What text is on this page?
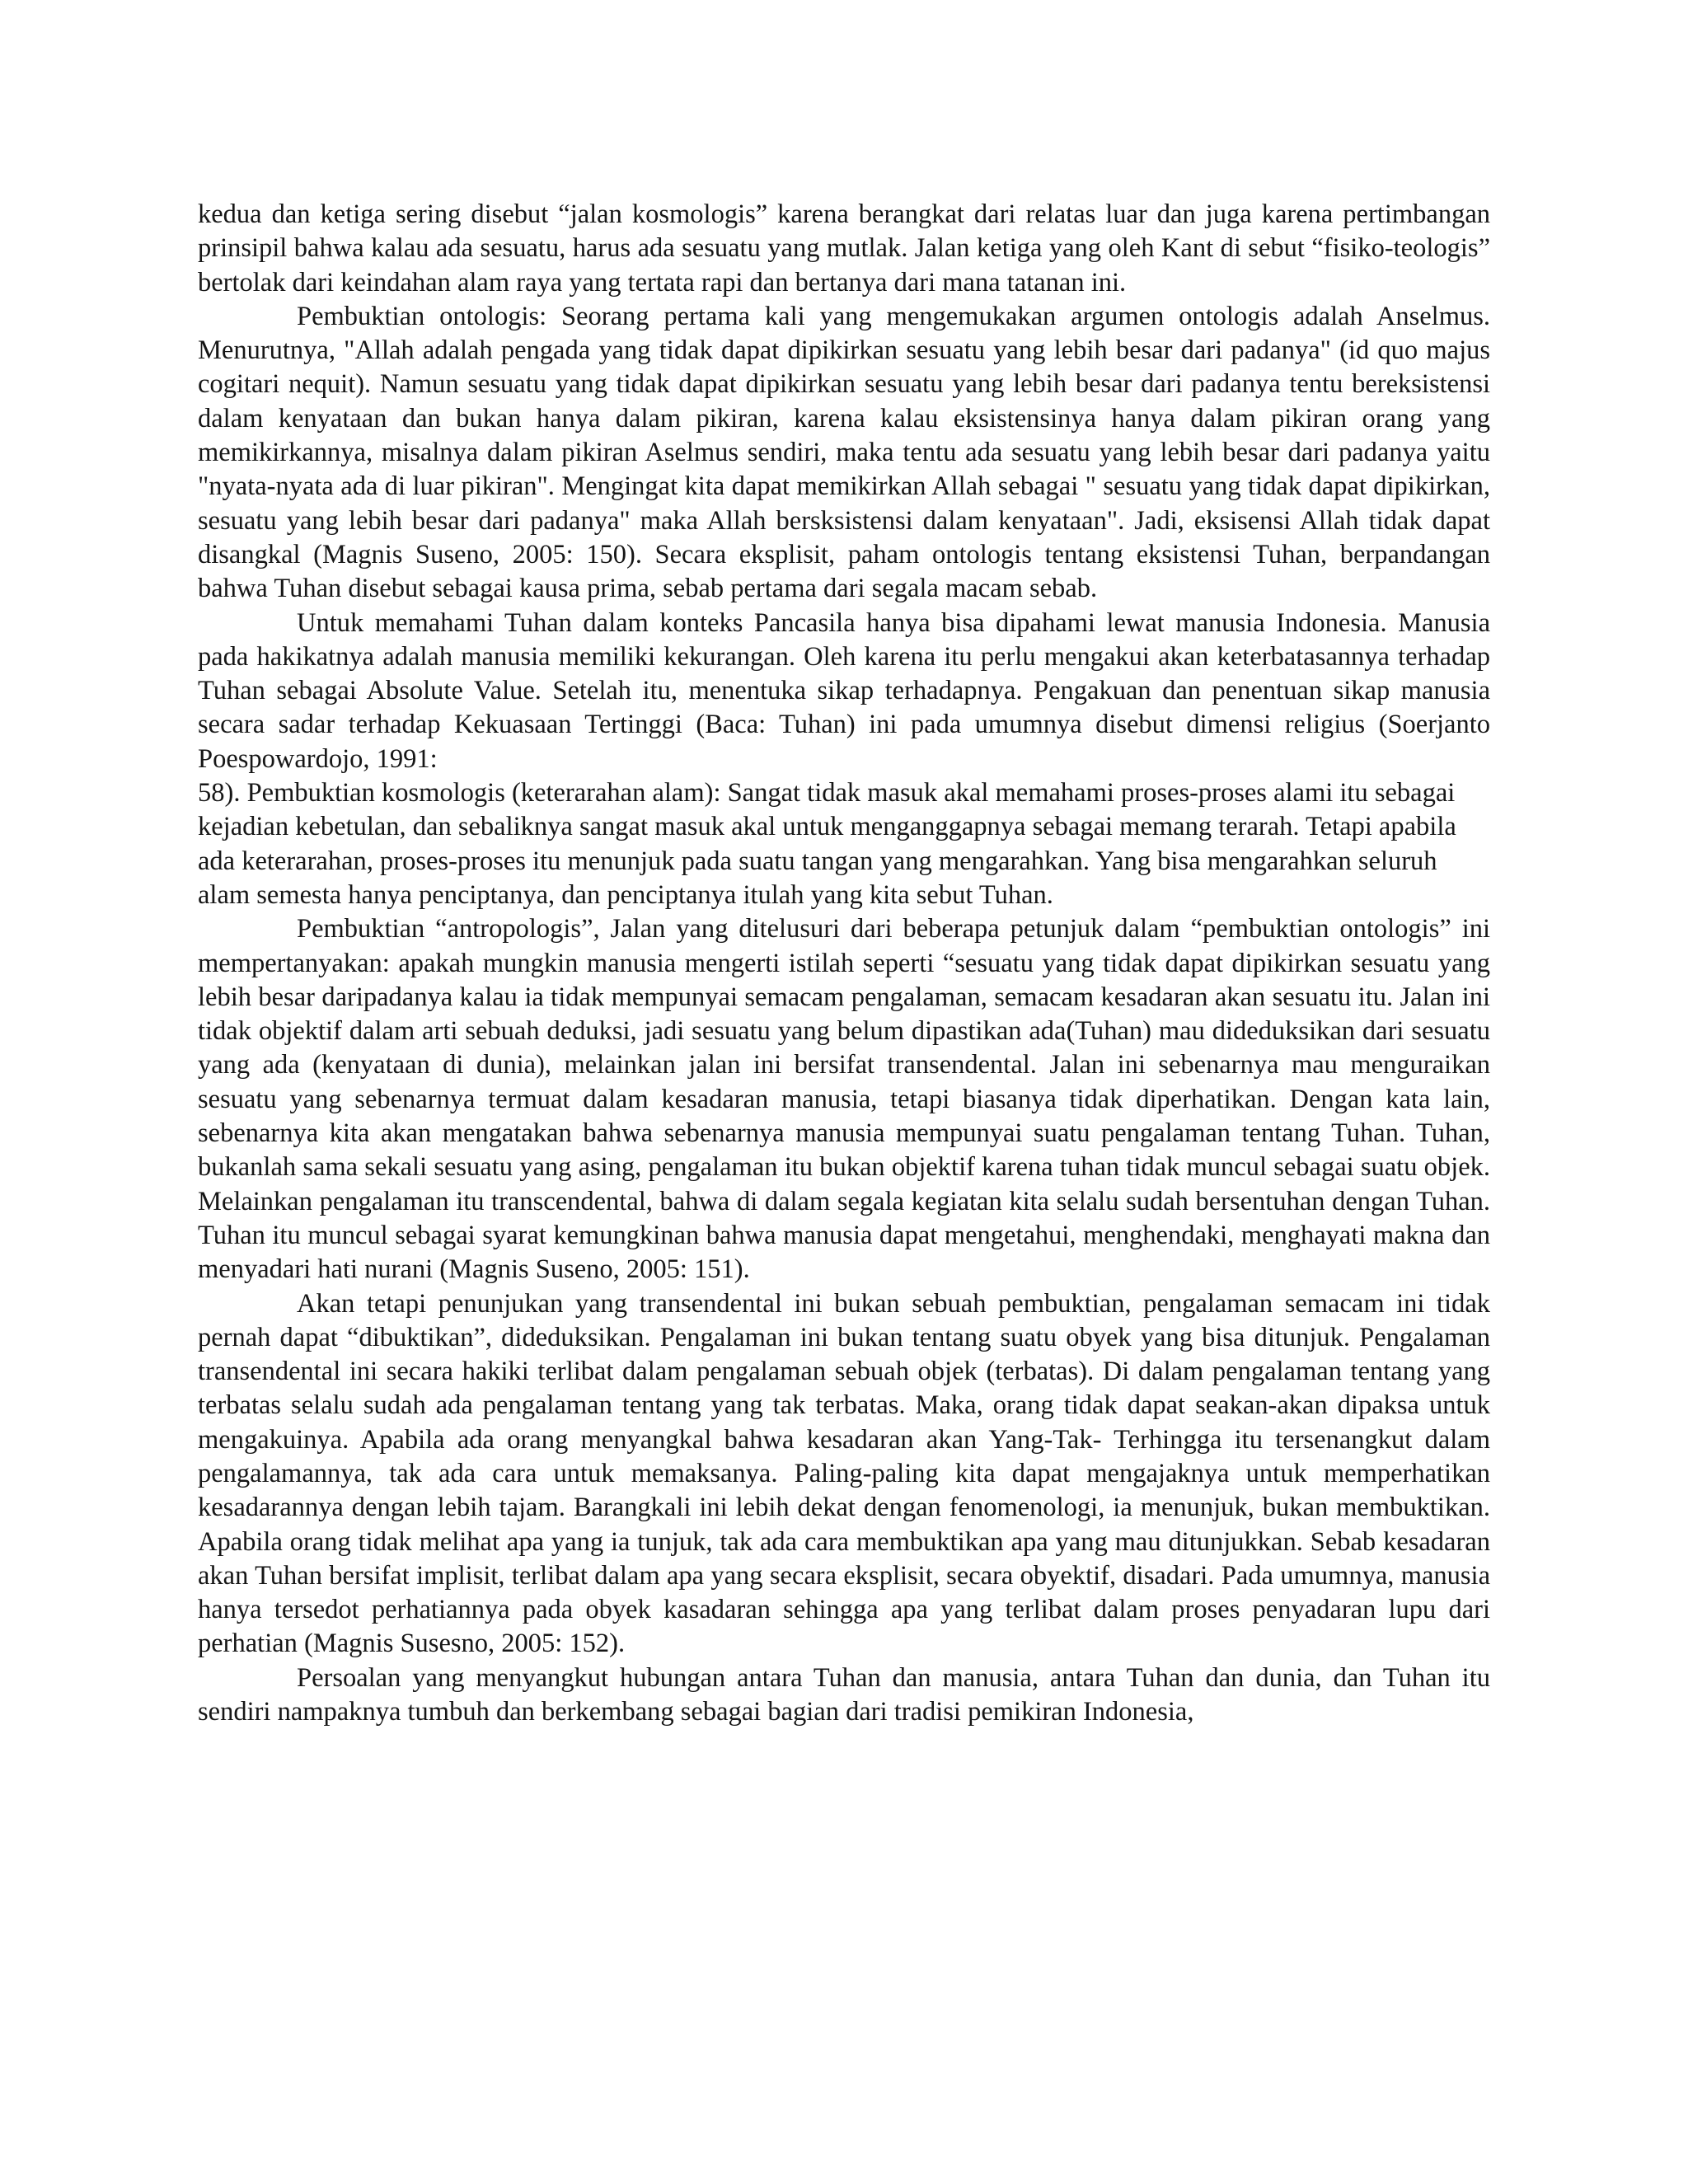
kedua dan ketiga sering disebut “jalan kosmologis” karena berangkat dari relatas luar dan juga karena pertimbangan prinsipil bahwa kalau ada sesuatu, harus ada sesuatu yang mutlak. Jalan ketiga yang oleh Kant di sebut “fisiko-teologis” bertolak dari keindahan alam raya yang tertata rapi dan bertanya dari mana tatanan ini.

Pembuktian ontologis: Seorang pertama kali yang mengemukakan argumen ontologis adalah Anselmus. Menurutnya, "Allah adalah pengada yang tidak dapat dipikirkan sesuatu yang lebih besar dari padanya" (id quo majus cogitari nequit). Namun sesuatu yang tidak dapat dipikirkan sesuatu yang lebih besar dari padanya tentu bereksistensi dalam kenyataan dan bukan hanya dalam pikiran, karena kalau eksistensinya hanya dalam pikiran orang yang memikirkannya, misalnya dalam pikiran Aselmus sendiri, maka tentu ada sesuatu yang lebih besar dari padanya yaitu "nyata-nyata ada di luar pikiran". Mengingat kita dapat memikirkan Allah sebagai " sesuatu yang tidak dapat dipikirkan, sesuatu yang lebih besar dari padanya" maka Allah bersksistensi dalam kenyataan". Jadi, eksisensi Allah tidak dapat disangkal (Magnis Suseno, 2005: 150). Secara eksplisit, paham ontologis tentang eksistensi Tuhan, berpandangan bahwa Tuhan disebut sebagai kausa prima, sebab pertama dari segala macam sebab.

Untuk memahami Tuhan dalam konteks Pancasila hanya bisa dipahami lewat manusia Indonesia. Manusia pada hakikatnya adalah manusia memiliki kekurangan. Oleh karena itu perlu mengakui akan keterbatasannya terhadap Tuhan sebagai Absolute Value. Setelah itu, menentuka sikap terhadapnya. Pengakuan dan penentuan sikap manusia secara sadar terhadap Kekuasaan Tertinggi (Baca: Tuhan) ini pada umumnya disebut dimensi religius (Soerjanto Poespowardojo, 1991:

58). Pembuktian kosmologis (keterarahan alam): Sangat tidak masuk akal memahami proses-proses alami itu sebagai kejadian kebetulan, dan sebaliknya sangat masuk akal untuk menganggapnya sebagai memang terarah. Tetapi apabila ada keterarahan, proses-proses itu menunjuk pada suatu tangan yang mengarahkan. Yang bisa mengarahkan seluruh alam semesta hanya penciptanya, dan penciptanya itulah yang kita sebut Tuhan.

Pembuktian “antropologis”, Jalan yang ditelusuri dari beberapa petunjuk dalam “pembuktian ontologis” ini mempertanyakan: apakah mungkin manusia mengerti istilah seperti “sesuatu yang tidak dapat dipikirkan sesuatu yang lebih besar daripadanya kalau ia tidak mempunyai semacam pengalaman, semacam kesadaran akan sesuatu itu. Jalan ini tidak objektif dalam arti sebuah deduksi, jadi sesuatu yang belum dipastikan ada(Tuhan) mau dideduksikan dari sesuatu yang ada (kenyataan di dunia), melainkan jalan ini bersifat transendental. Jalan ini sebenarnya mau menguraikan sesuatu yang sebenarnya termuat dalam kesadaran manusia, tetapi biasanya tidak diperhatikan. Dengan kata lain, sebenarnya kita akan mengatakan bahwa sebenarnya manusia mempunyai suatu pengalaman tentang Tuhan. Tuhan, bukanlah sama sekali sesuatu yang asing, pengalaman itu bukan objektif karena tuhan tidak muncul sebagai suatu objek. Melainkan pengalaman itu transcendental, bahwa di dalam segala kegiatan kita selalu sudah bersentuhan dengan Tuhan. Tuhan itu muncul sebagai syarat kemungkinan bahwa manusia dapat mengetahui, menghendaki, menghayati makna dan menyadari hati nurani (Magnis Suseno, 2005: 151).

Akan tetapi penunjukan yang transendental ini bukan sebuah pembuktian, pengalaman semacam ini tidak pernah dapat “dibuktikan”, dideduksikan. Pengalaman ini bukan tentang suatu obyek yang bisa ditunjuk. Pengalaman transendental ini secara hakiki terlibat dalam pengalaman sebuah objek (terbatas). Di dalam pengalaman tentang yang terbatas selalu sudah ada pengalaman tentang yang tak terbatas. Maka, orang tidak dapat seakan-akan dipaksa untuk mengakuinya. Apabila ada orang menyangkal bahwa kesadaran akan Yang-Tak- Terhingga itu tersenangkut dalam pengalamannya, tak ada cara untuk memaksanya. Paling-paling kita dapat mengajaknya untuk memperhatikan kesadarannya dengan lebih tajam. Barangkali ini lebih dekat dengan fenomenologi, ia menunjuk, bukan membuktikan. Apabila orang tidak melihat apa yang ia tunjuk, tak ada cara membuktikan apa yang mau ditunjukkan. Sebab kesadaran akan Tuhan bersifat implisit, terlibat dalam apa yang secara eksplisit, secara obyektif, disadari. Pada umumnya, manusia hanya tersedot perhatiannya pada obyek kasadaran sehingga apa yang terlibat dalam proses penyadaran lupu dari perhatian (Magnis Susesno, 2005: 152).

Persoalan yang menyangkut hubungan antara Tuhan dan manusia, antara Tuhan dan dunia, dan Tuhan itu sendiri nampaknya tumbuh dan berkembang sebagai bagian dari tradisi pemikiran Indonesia,
